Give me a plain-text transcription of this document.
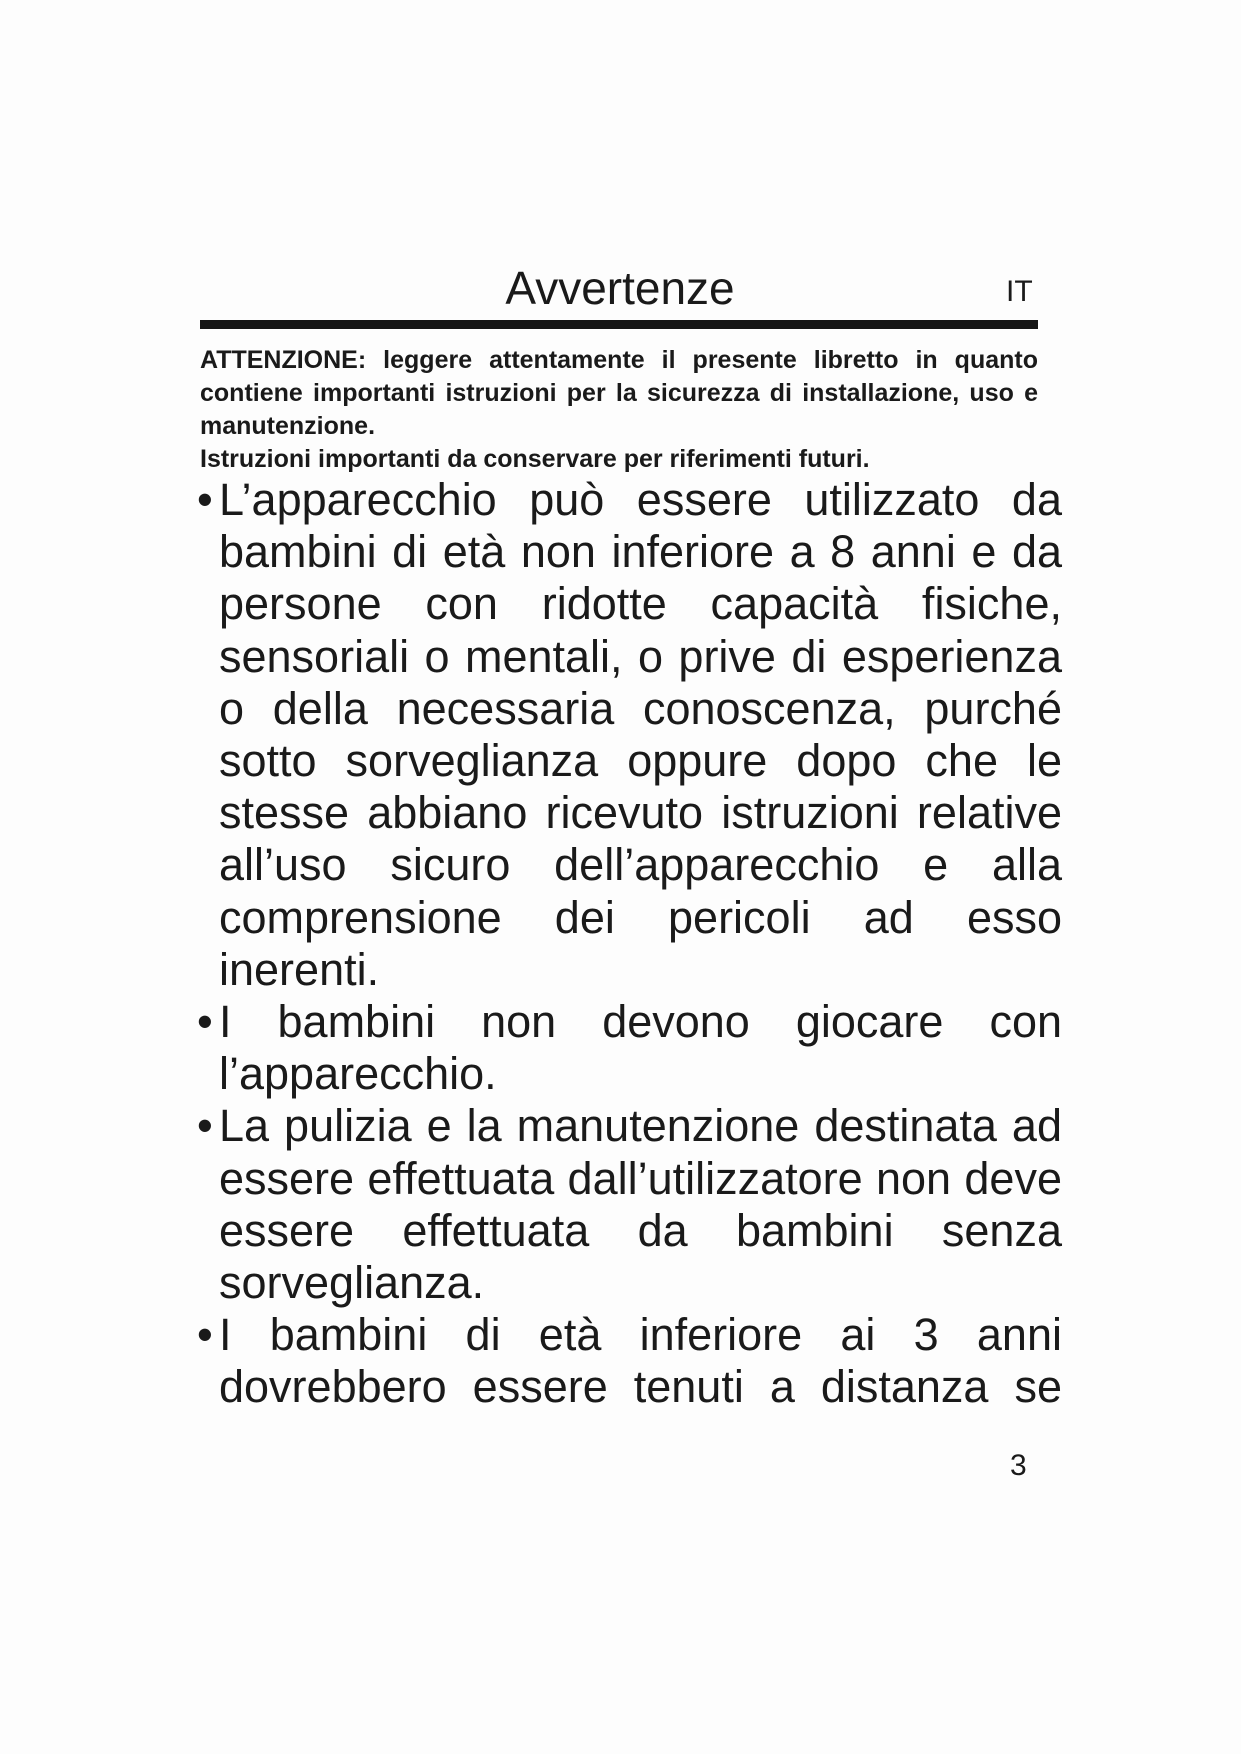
Avvertenze	IT

ATTENZIONE: leggere attentamente il presente libretto in quanto contiene importanti istruzioni per la sicurezza di installazione, uso e manutenzione.

Istruzioni importanti da conservare per riferimenti futuri.

• L’apparecchio può essere utilizzato da bambini di età non inferiore a 8 anni e da persone con ridotte capacità fisiche, sensoriali o mentali, o prive di esperienza o della necessaria conoscenza, purché sotto sorveglianza oppure dopo che le stesse abbiano ricevuto istruzioni relative all’uso sicuro dell’apparecchio e alla comprensione dei pericoli ad esso
inerenti.
• I bambini non devono giocare con
l’apparecchio.
• La pulizia e la manutenzione destinata ad essere effettuata dall’utilizzatore non deve essere effettuata da bambini senza
sorveglianza.
• I bambini di età inferiore ai 3 anni dovrebbero essere tenuti a distanza se
3
